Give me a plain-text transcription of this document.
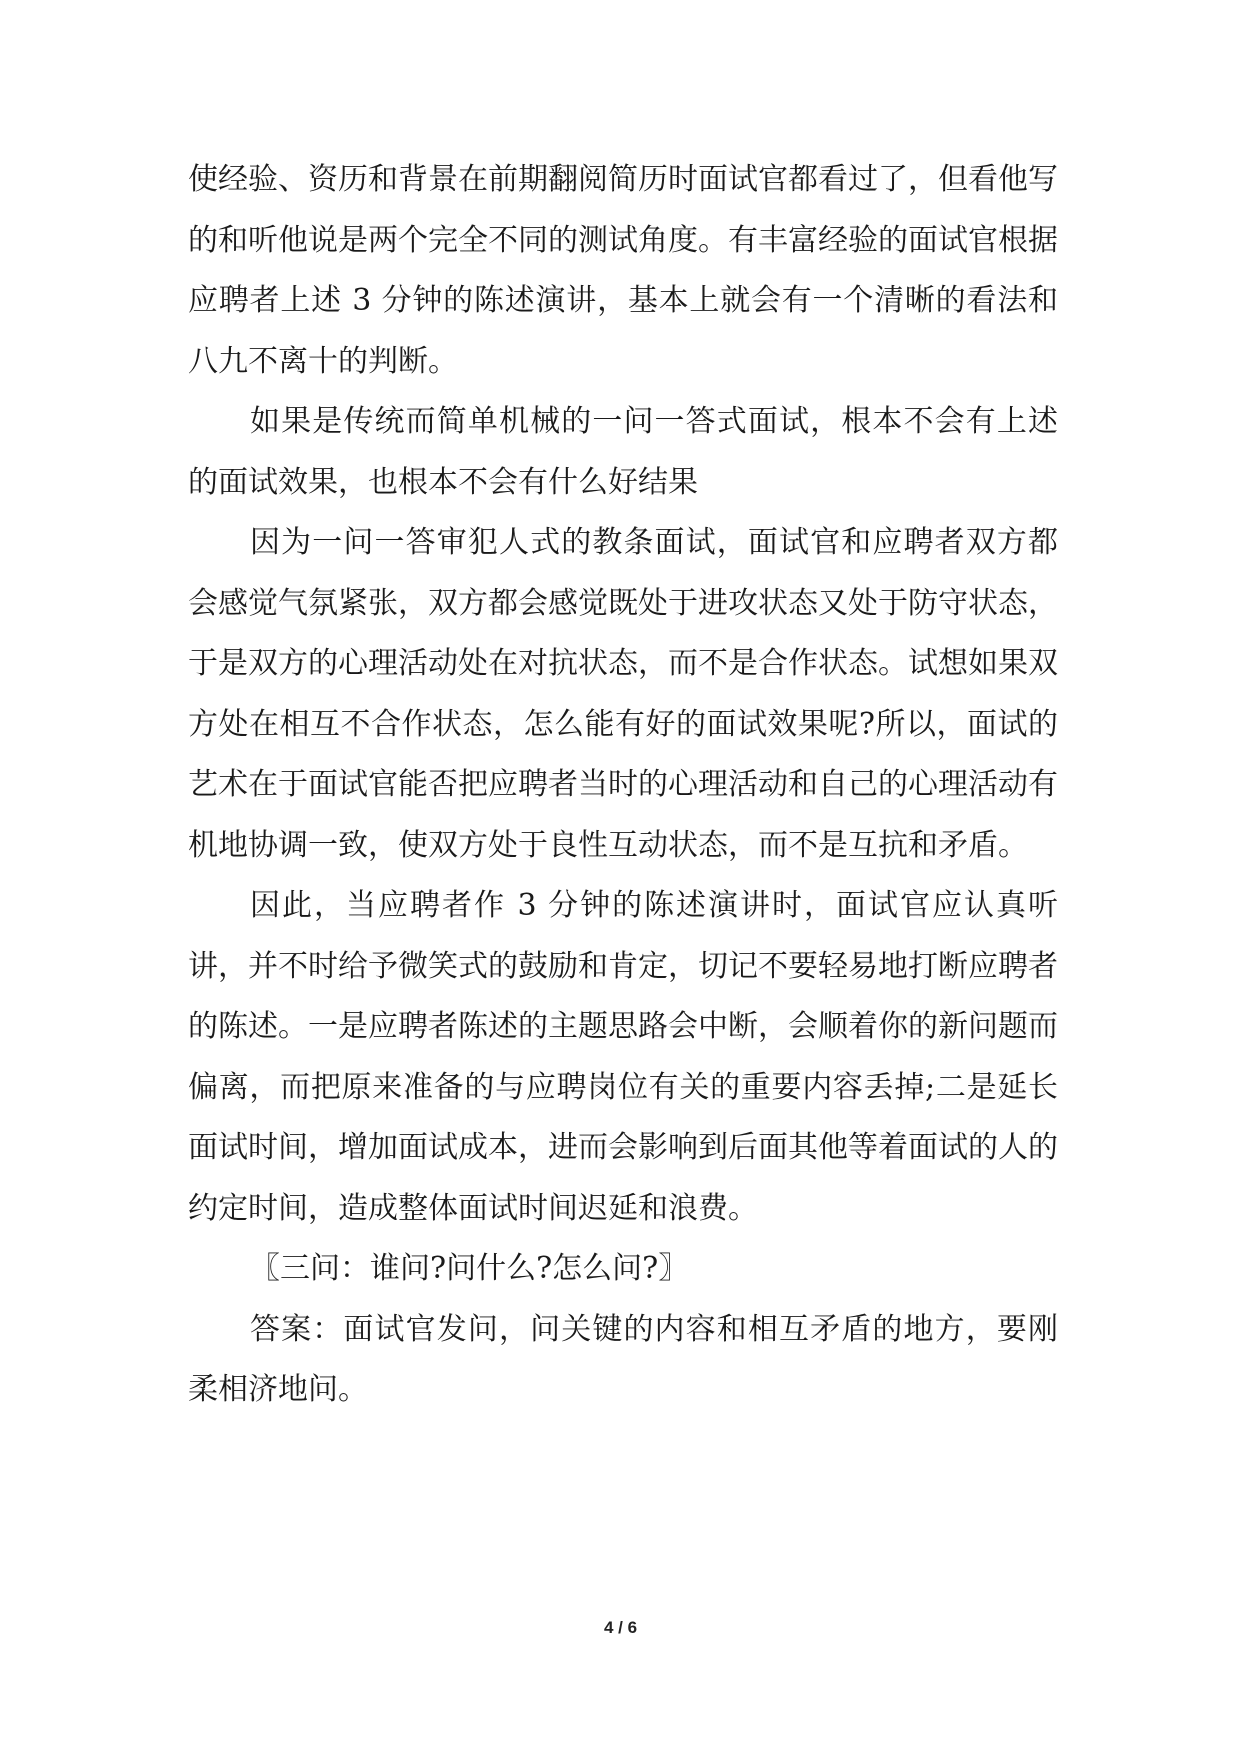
使经验、资历和背景在前期翻阅简历时面试官都看过了，但看他写的和听他说是两个完全不同的测试角度。有丰富经验的面试官根据应聘者上述 3 分钟的陈述演讲，基本上就会有一个清晰的看法和八九不离十的判断。

如果是传统而简单机械的一问一答式面试，根本不会有上述的面试效果，也根本不会有什么好结果

因为一问一答审犯人式的教条面试，面试官和应聘者双方都会感觉气氛紧张，双方都会感觉既处于进攻状态又处于防守状态，于是双方的心理活动处在对抗状态，而不是合作状态。试想如果双方处在相互不合作状态，怎么能有好的面试效果呢?所以，面试的艺术在于面试官能否把应聘者当时的心理活动和自己的心理活动有机地协调一致，使双方处于良性互动状态，而不是互抗和矛盾。

因此，当应聘者作 3 分钟的陈述演讲时，面试官应认真听讲，并不时给予微笑式的鼓励和肯定，切记不要轻易地打断应聘者的陈述。一是应聘者陈述的主题思路会中断，会顺着你的新问题而偏离，而把原来准备的与应聘岗位有关的重要内容丢掉;二是延长面试时间，增加面试成本，进而会影响到后面其他等着面试的人的约定时间，造成整体面试时间迟延和浪费。

〖三问：谁问?问什么?怎么问?〗

答案：面试官发问，问关键的内容和相互矛盾的地方，要刚柔相济地问。

4 / 6
